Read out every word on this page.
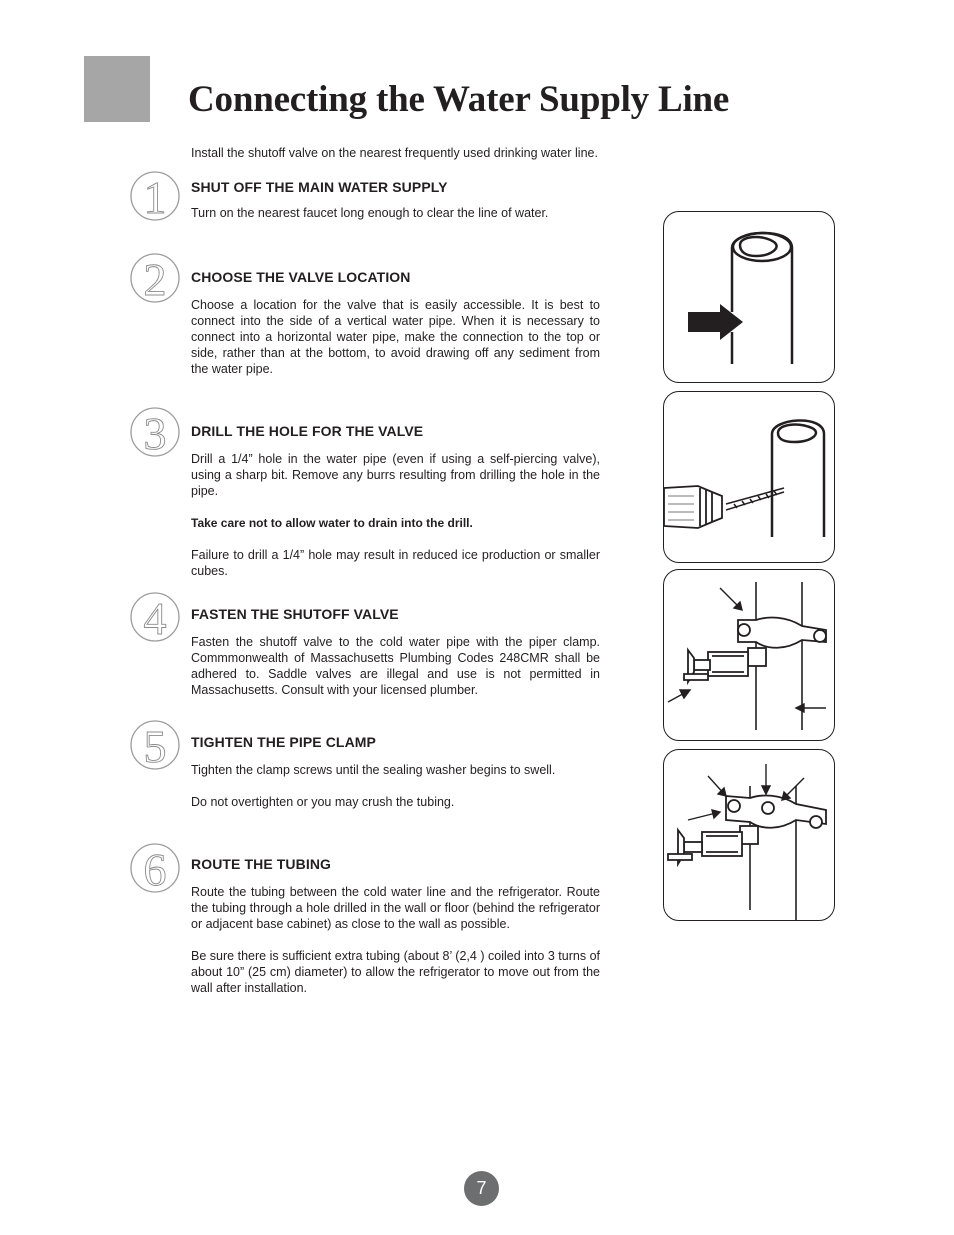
Connecting the Water Supply Line
Install the shutoff valve on the nearest frequently used drinking water line.
1
2
3
4
5
6
SHUT OFF THE MAIN WATER SUPPLY

Turn on the nearest faucet long enough to clear the line of water.

CHOOSE THE VALVE LOCATION

Choose a location for the valve that is easily accessible. It is best to connect into the side of a vertical water pipe. When it is necessary to connect into a horizontal water pipe, make the connection to the top or side, rather than at the bottom, to avoid drawing off any sediment from the water pipe.

DRILL THE HOLE FOR THE VALVE

Drill a 1/4” hole in the water pipe (even if using a self-piercing valve), using a sharp bit. Remove any burrs resulting from drilling the hole in the pipe.

Take care not to allow water to drain into the drill.

Failure to drill a 1/4” hole may result in reduced ice production or smaller cubes.

FASTEN THE SHUTOFF VALVE

Fasten the shutoff valve to the cold water pipe with the piper clamp. Commmonwealth of Massachusetts Plumbing Codes 248CMR shall be adhered to. Saddle valves are illegal and use is not permitted in Massachusetts. Consult with your licensed plumber.

TIGHTEN THE PIPE CLAMP

Tighten the clamp screws until the sealing washer begins to swell.

Do not overtighten or you may crush the tubing.

ROUTE THE TUBING

Route the tubing between the cold water line and the refrigerator. Route the tubing through a hole drilled in the wall or floor (behind the refrigerator or adjacent base cabinet) as close to the wall as possible.

Be sure there is sufficient extra tubing (about 8’ (2,4 ) coiled into 3 turns of about 10” (25 cm) diameter) to allow the refrigerator to move out from the wall after installation.

7
